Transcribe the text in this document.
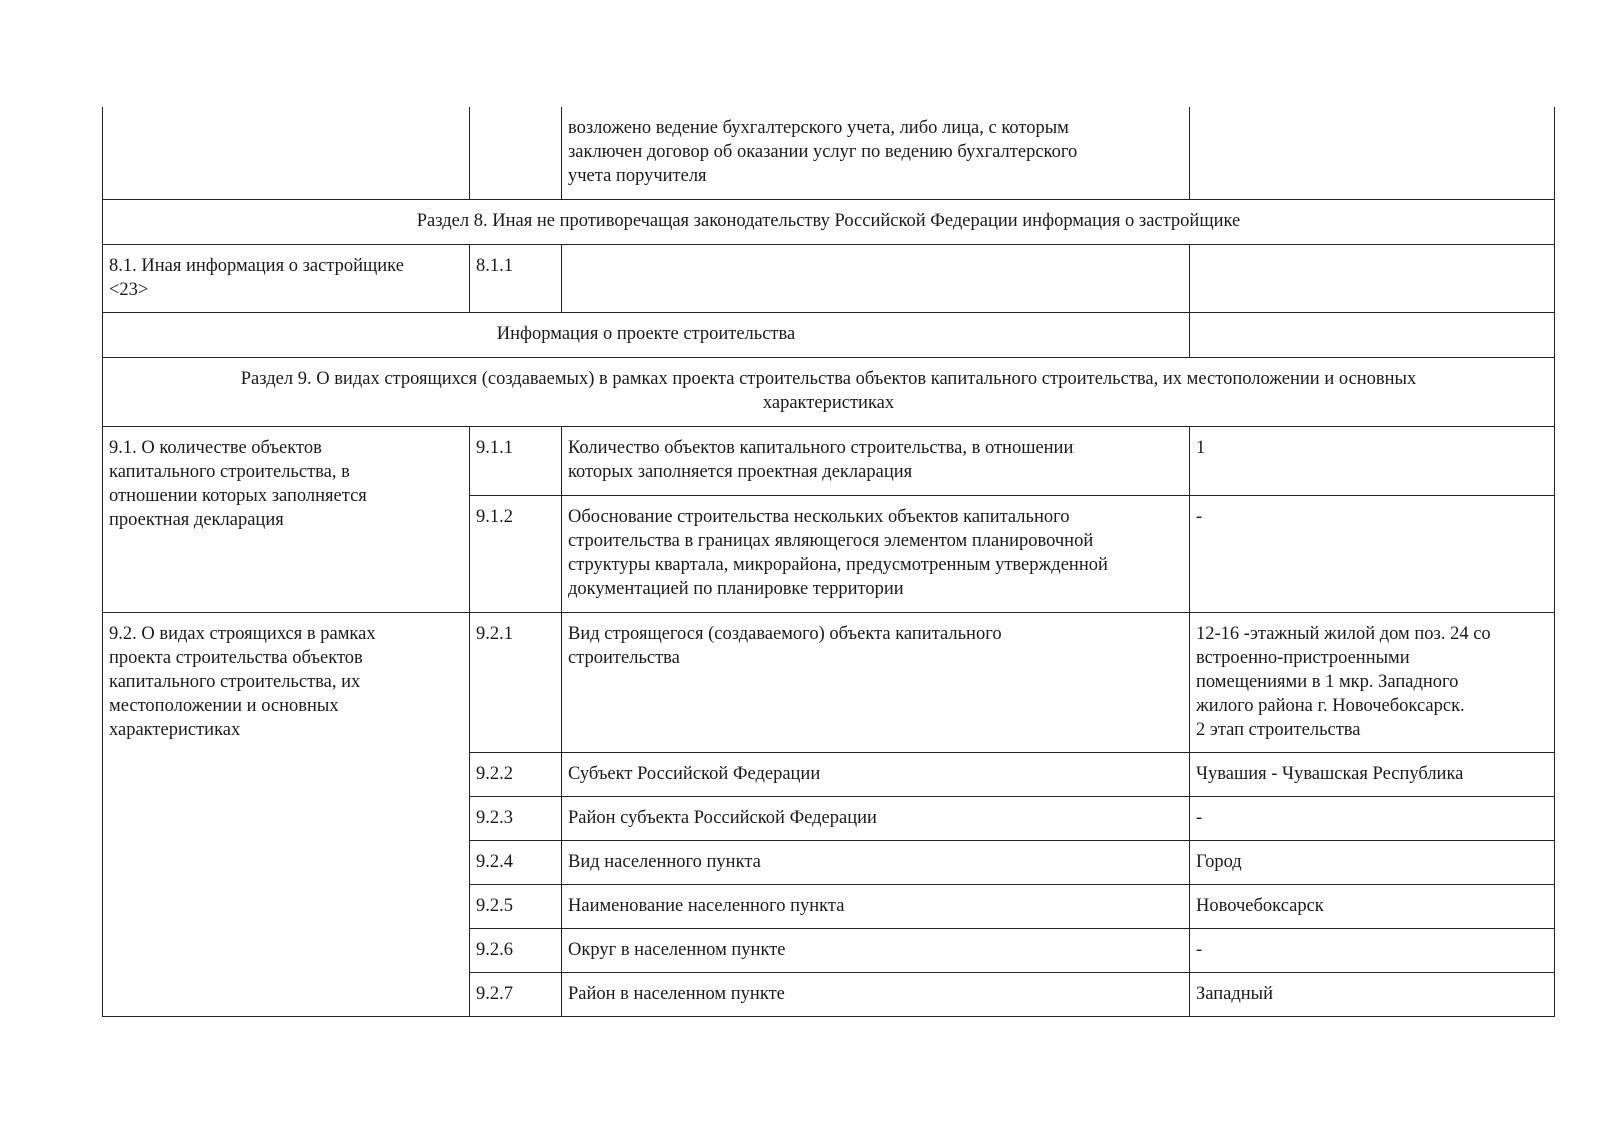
		возложено ведение бухгалтерского учета, либо лица, с которым
заключен договор об оказании услуг по ведению бухгалтерского
учета поручителя	
Раздел 8. Иная не противоречащая законодательству Российской Федерации информация о застройщике			
8.1. Иная информация о застройщике
<23>	8.1.1		
Информация о проекте строительства			
Раздел 9. О видах строящихся (создаваемых) в рамках проекта строительства объектов капитального строительства, их местоположении и основных
характеристиках			
9.1. О количестве объектов
капитального строительства, в
отношении которых заполняется
проектная декларация	9.1.1	Количество объектов капитального строительства, в отношении
которых заполняется проектная декларация	1
	9.1.2	Обоснование строительства нескольких объектов капитального
строительства в границах являющегося элементом планировочной
структуры квартала, микрорайона, предусмотренным утвержденной
документацией по планировке территории	-
9.2. О видах строящихся в рамках
проекта строительства объектов
капитального строительства, их
местоположении и основных
характеристиках	9.2.1	Вид строящегося (создаваемого) объекта капитального
строительства	12-16 -этажный жилой дом поз. 24 со
встроенно-пристроенными
помещениями в 1 мкр. Западного
жилого района г. Новочебоксарск.
2 этап строительства
	9.2.2	Субъект Российской Федерации	Чувашия - Чувашская Республика
	9.2.3	Район субъекта Российской Федерации	-
	9.2.4	Вид населенного пункта	Город
	9.2.5	Наименование населенного пункта	Новочебоксарск
	9.2.6	Округ в населенном пункте	-
	9.2.7	Район в населенном пункте	Западный
